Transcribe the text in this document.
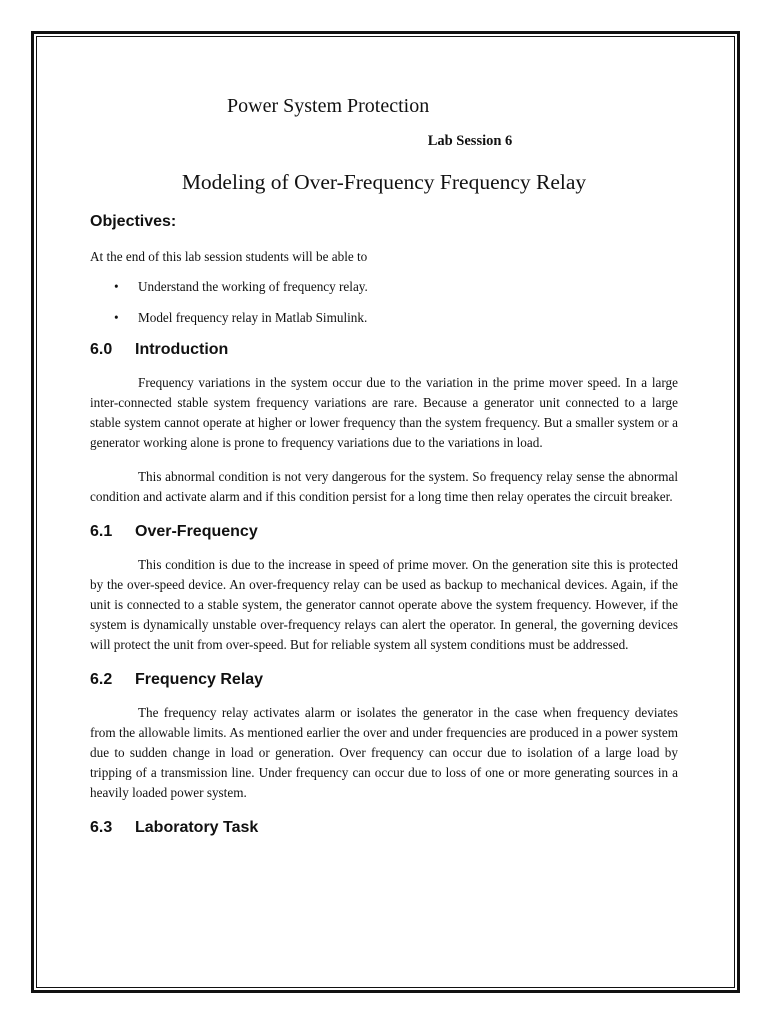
Power System Protection
Lab Session 6
Modeling of Over-Frequency Frequency Relay
Objectives:

At the end of this lab session students will be able to

• Understand the working of frequency relay.
• Model frequency relay in Matlab Simulink.
6.0	Introduction

Frequency variations in the system occur due to the variation in the prime mover speed. In a large inter-connected stable system frequency variations are rare. Because a generator unit connected to a large stable system cannot operate at higher or lower frequency than the system frequency. But a smaller system or a generator working alone is prone to frequency variations due to the variations in load.

This abnormal condition is not very dangerous for the system. So frequency relay sense the abnormal condition and activate alarm and if this condition persist for a long time then relay operates the circuit breaker.

6.1	Over-Frequency

This condition is due to the increase in speed of prime mover. On the generation site this is protected by the over-speed device. An over-frequency relay can be used as backup to mechanical devices. Again, if the unit is connected to a stable system, the generator cannot operate above the system frequency. However, if the system is dynamically unstable over-frequency relays can alert the operator. In general, the governing devices will protect the unit from over-speed. But for reliable system all system conditions must be addressed.

6.2	Frequency Relay

The frequency relay activates alarm or isolates the generator in the case when frequency deviates from the allowable limits. As mentioned earlier the over and under frequencies are produced in a power system due to sudden change in load or generation. Over frequency can occur due to isolation of a large load by tripping of a transmission line. Under frequency can occur due to loss of one or more generating sources in a heavily loaded power system.

6.3	Laboratory Task
